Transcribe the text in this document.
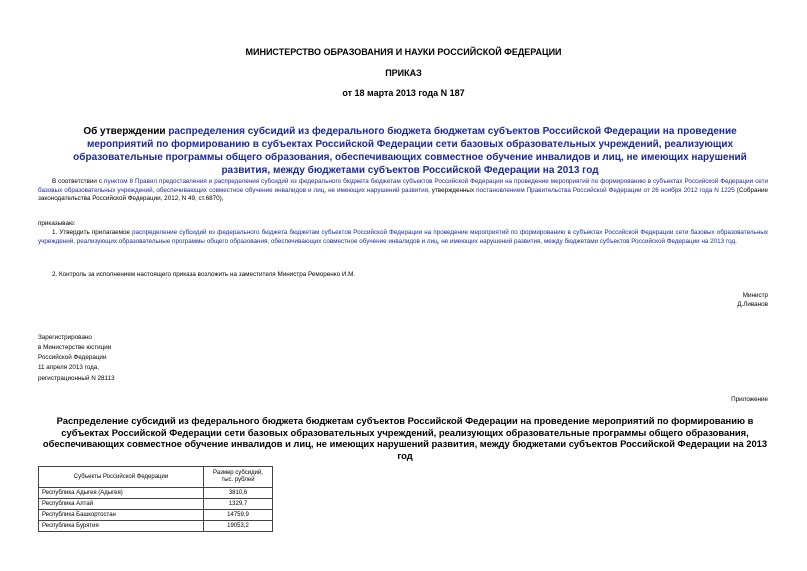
МИНИСТЕРСТВО ОБРАЗОВАНИЯ И НАУКИ РОССИЙСКОЙ ФЕДЕРАЦИИ
ПРИКАЗ
от 18 марта 2013 года N 187
Об утверждении распределения субсидий из федерального бюджета бюджетам субъектов Российской Федерации на проведение мероприятий по формированию в субъектах Российской Федерации сети базовых образовательных учреждений, реализующих образовательные программы общего образования, обеспечивающих совместное обучение инвалидов и лиц, не имеющих нарушений развития, между бюджетами субъектов Российской Федерации на 2013 год
В соответствии с пунктом 8 Правил предоставления и распределения субсидий из федерального бюджета бюджетам субъектов Российской Федерации на проведение мероприятий по формированию в субъектах Российской Федерации сети базовых образовательных учреждений, обеспечивающих совместное обучение инвалидов и лиц, не имеющих нарушений развития, утвержденных постановлением Правительства Российской Федерации от 26 ноября 2012 года N 1225 (Собрание законодательства Российской Федерации, 2012, N 49, ст.6870),
приказываю:
1. Утвердить прилагаемое распределение субсидий из федерального бюджета бюджетам субъектов Российской Федерации на проведение мероприятий по формированию в субъектах Российской Федерации сети базовых образовательных учреждений, реализующих образовательные программы общего образования, обеспечивающих совместное обучение инвалидов и лиц, не имеющих нарушений развития, между бюджетами субъектов Российской Федерации на 2013 год.
2. Контроль за исполнением настоящего приказа возложить на заместителя Министра Ремоpенко И.М.
Министр
Д.Ливанов
Зарегистрировано
в Министерстве юстиции
Российской Федерации
11 апреля 2013 года,
регистрационный N 28113
Приложение
Распределение субсидий из федерального бюджета бюджетам субъектов Российской Федерации на проведение мероприятий по формированию в субъектах Российской Федерации сети базовых образовательных учреждений, реализующих образовательные программы общего образования, обеспечивающих совместное обучение инвалидов и лиц, не имеющих нарушений развития, между бюджетами субъектов Российской Федерации на 2013 год
Субъекты Российской Федерации	Размер субсидий,
тыс. рублей
Республика Адыгея (Адыгея)	3810,6
Республика Алтай	1329,7
Республика Башкортостан	14759,9
Республика Бурятия	19053,2
